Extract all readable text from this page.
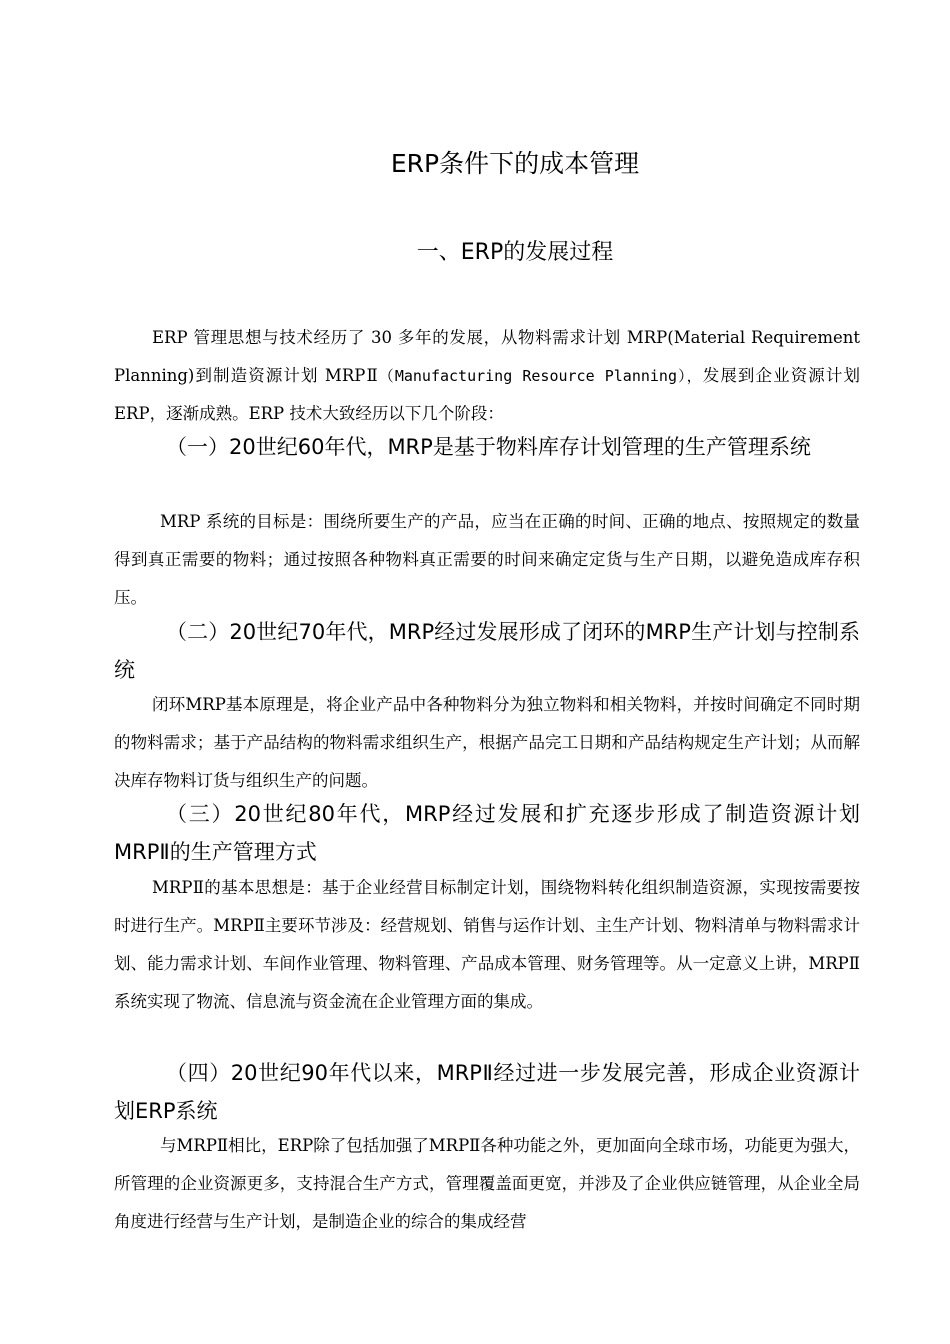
ERP条件下的成本管理
一、ERP的发展过程

ERP 管理思想与技术经历了 30 多年的发展，从物料需求计划 MRP(Material Requirement Planning)到制造资源计划 MRPⅡ（Manufacturing Resource Planning），发展到企业资源计划 ERP，逐渐成熟。ERP 技术大致经历以下几个阶段：

（一）20世纪60年代，MRP是基于物料库存计划管理的生产管理系统

MRP 系统的目标是：围绕所要生产的产品，应当在正确的时间、正确的地点、按照规定的数量得到真正需要的物料；通过按照各种物料真正需要的时间来确定定货与生产日期，以避免造成库存积压。

（二）20世纪70年代，MRP经过发展形成了闭环的MRP生产计划与控制系统

闭环MRP基本原理是，将企业产品中各种物料分为独立物料和相关物料，并按时间确定不同时期的物料需求；基于产品结构的物料需求组织生产，根据产品完工日期和产品结构规定生产计划；从而解决库存物料订货与组织生产的问题。

（三）20世纪80年代，MRP经过发展和扩充逐步形成了制造资源计划MRPⅡ的生产管理方式

MRPⅡ的基本思想是：基于企业经营目标制定计划，围绕物料转化组织制造资源，实现按需要按时进行生产。MRPⅡ主要环节涉及：经营规划、销售与运作计划、主生产计划、物料清单与物料需求计划、能力需求计划、车间作业管理、物料管理、产品成本管理、财务管理等。从一定意义上讲，MRPⅡ系统实现了物流、信息流与资金流在企业管理方面的集成。

（四）20世纪90年代以来，MRPⅡ经过进一步发展完善，形成企业资源计划ERP系统

与MRPⅡ相比，ERP除了包括加强了MRPⅡ各种功能之外，更加面向全球市场，功能更为强大，所管理的企业资源更多，支持混合生产方式，管理覆盖面更宽，并涉及了企业供应链管理，从企业全局角度进行经营与生产计划，是制造企业的综合的集成经营
